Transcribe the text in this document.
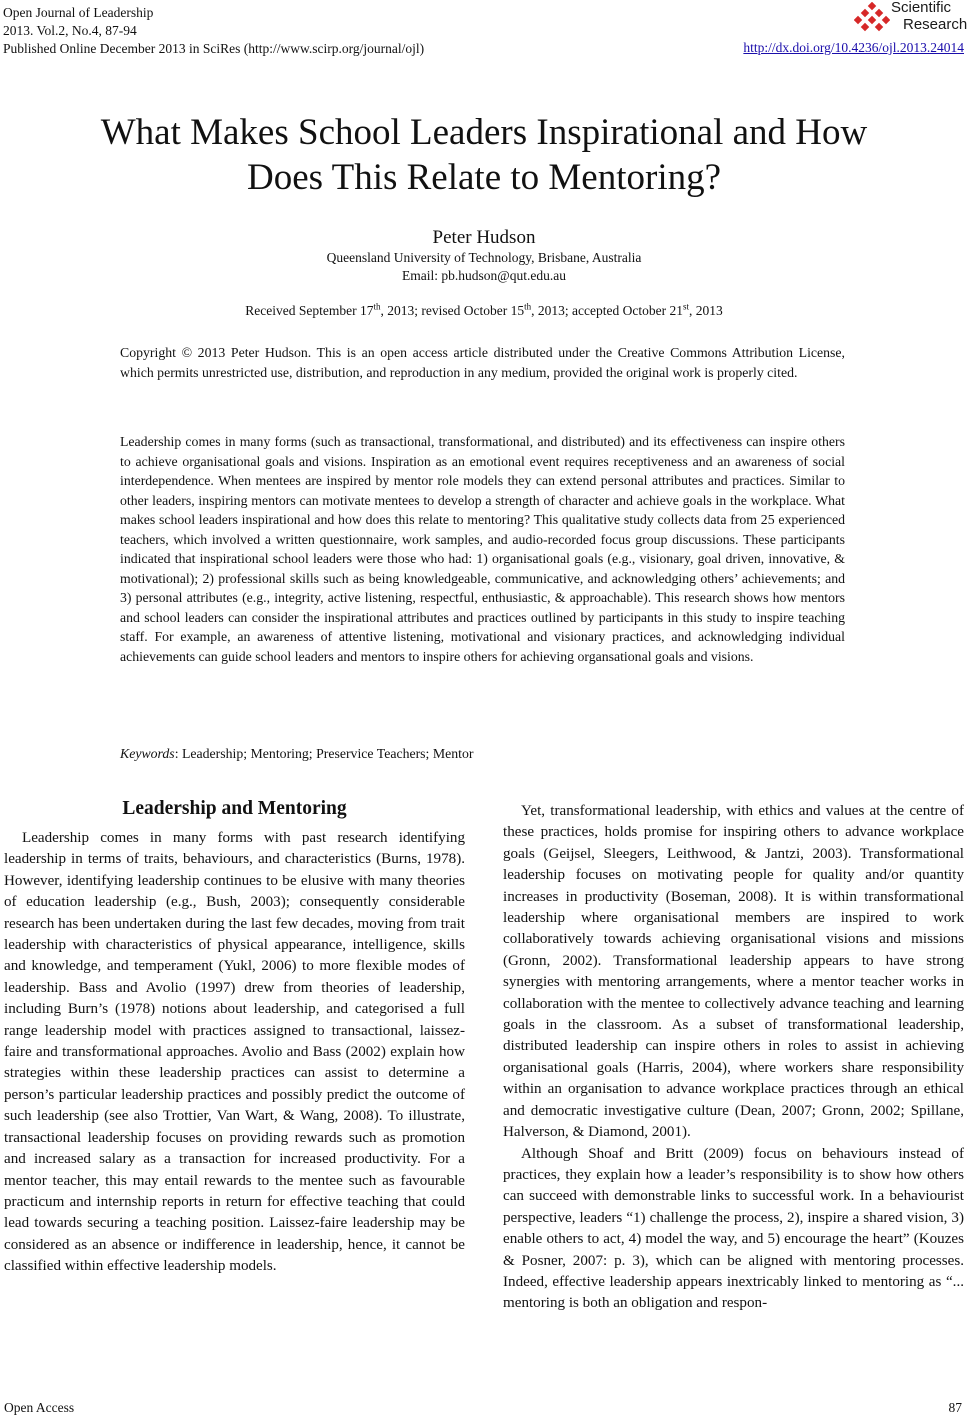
Open Journal of Leadership
2013. Vol.2, No.4, 87-94
Published Online December 2013 in SciRes (http://www.scirp.org/journal/ojl)
Scientific
Research
http://dx.doi.org/10.4236/ojl.2013.24014
What Makes School Leaders Inspirational and How
Does This Relate to Mentoring?
Peter Hudson
Queensland University of Technology, Brisbane, Australia
Email: pb.hudson@qut.edu.au
Received September 17th, 2013; revised October 15th, 2013; accepted October 21st, 2013
Copyright © 2013 Peter Hudson. This is an open access article distributed under the Creative Commons Attribution License, which permits unrestricted use, distribution, and reproduction in any medium, provided the original work is properly cited.
Leadership comes in many forms (such as transactional, transformational, and distributed) and its effectiveness can inspire others to achieve organisational goals and visions. Inspiration as an emotional event requires receptiveness and an awareness of social interdependence. When mentees are inspired by mentor role models they can extend personal attributes and practices. Similar to other leaders, inspiring mentors can motivate mentees to develop a strength of character and achieve goals in the workplace. What makes school leaders inspirational and how does this relate to mentoring? This qualitative study collects data from 25 experienced teachers, which involved a written questionnaire, work samples, and audio-recorded focus group discussions. These participants indicated that inspirational school leaders were those who had: 1) organisational goals (e.g., visionary, goal driven, innovative, & motivational); 2) professional skills such as being knowledgeable, communicative, and acknowledging others’ achievements; and 3) personal attributes (e.g., integrity, active listening, respectful, enthusiastic, & approachable). This research shows how mentors and school leaders can consider the inspirational attributes and practices outlined by participants in this study to inspire teaching staff. For example, an awareness of attentive listening, motivational and visionary practices, and acknowledging individual achievements can guide school leaders and mentors to inspire others for achieving organsational goals and visions.
Keywords: Leadership; Mentoring; Preservice Teachers; Mentor
Leadership and Mentoring

Leadership comes in many forms with past research identifying leadership in terms of traits, behaviours, and characteristics (Burns, 1978). However, identifying leadership continues to be elusive with many theories of education leadership (e.g., Bush, 2003); consequently considerable research has been undertaken during the last few decades, moving from trait leadership with characteristics of physical appearance, intelligence, skills and knowledge, and temperament (Yukl, 2006) to more flexible modes of leadership. Bass and Avolio (1997) drew from theories of leadership, including Burn’s (1978) notions about leadership, and categorised a full range leadership model with practices assigned to transactional, laissez-faire and transformational approaches. Avolio and Bass (2002) explain how strategies within these leadership practices can assist to determine a person’s particular leadership practices and possibly predict the outcome of such leadership (see also Trottier, Van Wart, & Wang, 2008). To illustrate, transactional leadership focuses on providing rewards such as promotion and increased salary as a transaction for increased productivity. For a mentor teacher, this may entail rewards to the mentee such as favourable practicum and internship reports in return for effective teaching that could lead towards securing a teaching position. Laissez-faire leadership may be considered as an absence or indifference in leadership, hence, it cannot be classified within effective leadership models.

Yet, transformational leadership, with ethics and values at the centre of these practices, holds promise for inspiring others to advance workplace goals (Geijsel, Sleegers, Leithwood, & Jantzi, 2003). Transformational leadership focuses on motivating people for quality and/or quantity increases in productivity (Boseman, 2008). It is within transformational leadership where organisational members are inspired to work collaboratively towards achieving organisational visions and missions (Gronn, 2002). Transformational leadership appears to have strong synergies with mentoring arrangements, where a mentor teacher works in collaboration with the mentee to collectively advance teaching and learning goals in the classroom. As a subset of transformational leadership, distributed leadership can inspire others in roles to assist in achieving organisational goals (Harris, 2004), where workers share responsibility within an organisation to advance workplace practices through an ethical and democratic investigative culture (Dean, 2007; Gronn, 2002; Spillane, Halverson, & Diamond, 2001).

Although Shoaf and Britt (2009) focus on behaviours instead of practices, they explain how a leader’s responsibility is to show how others can succeed with demonstrable links to successful work. In a behaviourist perspective, leaders “1) challenge the process, 2), inspire a shared vision, 3) enable others to act, 4) model the way, and 5) encourage the heart” (Kouzes & Posner, 2007: p. 3), which can be aligned with mentoring processes. Indeed, effective leadership appears inextricably linked to mentoring as “... mentoring is both an obligation and respon-

Open Access	87
